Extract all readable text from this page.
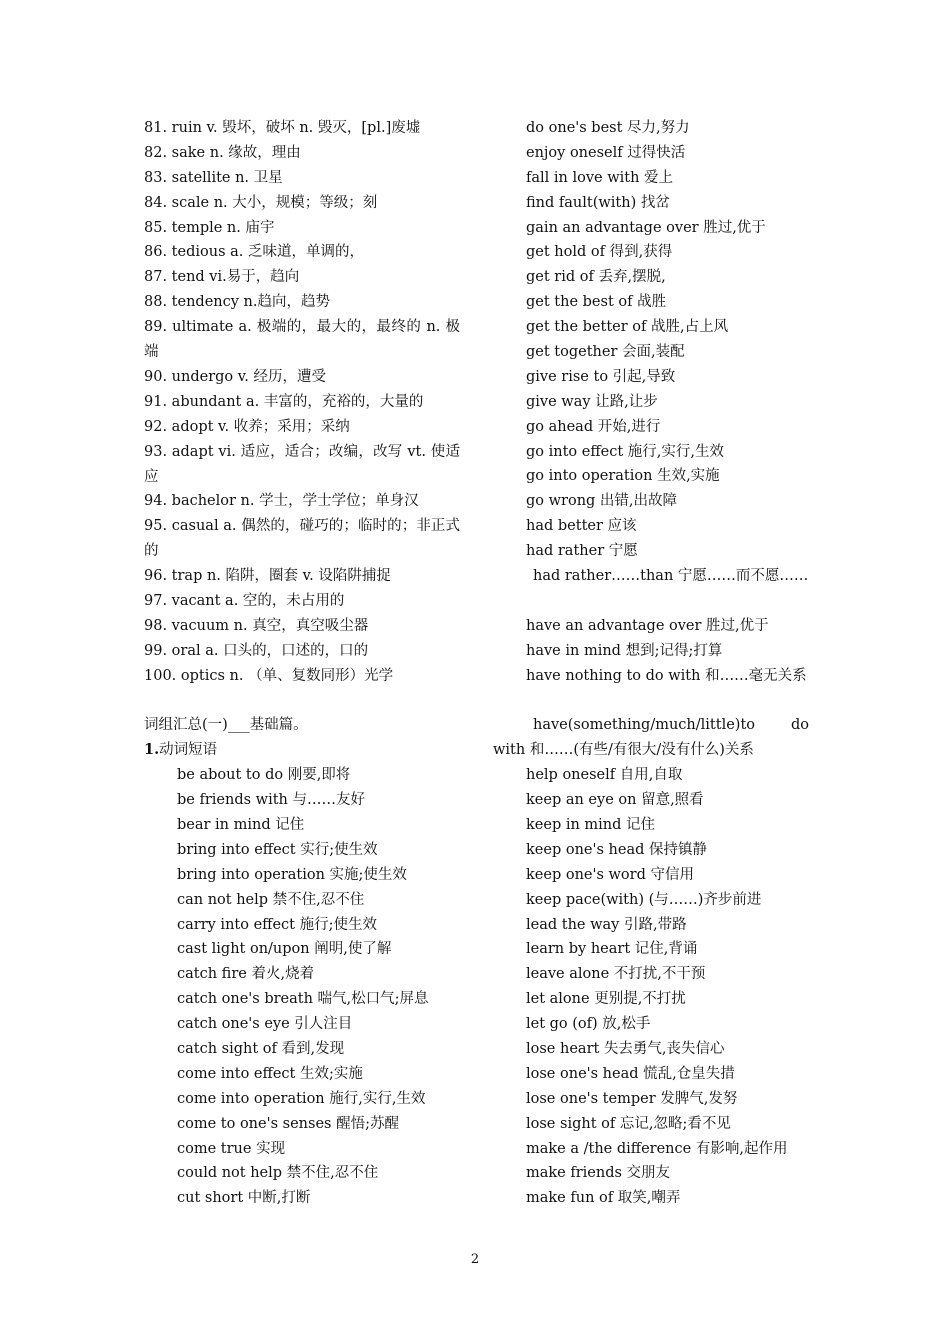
81. ruin v. 毁坏，破坏 n. 毁灭，[pl.]废墟
82. sake n. 缘故，理由
83. satellite n. 卫星
84. scale n. 大小，规模；等级；刻
85. temple n. 庙宇
86. tedious a. 乏味道，单调的，
87. tend vi.易于，趋向
88. tendency n.趋向，趋势
89. ultimate a. 极端的，最大的，最终的 n. 极端
90. undergo v. 经历，遭受
91. abundant a. 丰富的，充裕的，大量的
92. adopt v. 收养；采用；采纳
93. adapt vi. 适应，适合；改编，改写 vt. 使适应
94. bachelor n. 学士，学士学位；单身汉
95. casual a. 偶然的，碰巧的；临时的；非正式的
96. trap n. 陷阱，圈套 v. 设陷阱捕捉
97. vacant a. 空的，未占用的
98. vacuum n. 真空，真空吸尘器
99. oral a. 口头的，口述的，口的
100. optics n. （单、复数同形）光学
词组汇总(一)___基础篇。
1.动词短语
be about to do 刚要,即将
be friends with 与……友好
bear in mind 记住
bring into effect 实行;使生效
bring into operation 实施;使生效
can not help 禁不住,忍不住
carry into effect 施行;使生效
cast light on/upon 阐明,使了解
catch fire 着火,烧着
catch one's breath 喘气,松口气;屏息
catch one's eye 引人注目
catch sight of 看到,发现
come into effect 生效;实施
come into operation 施行,实行,生效
come to one's senses 醒悟;苏醒
come true 实现
could not help 禁不住,忍不住
cut short 中断,打断
do one's best 尽力,努力
enjoy oneself 过得快活
fall in love with 爱上
find fault(with) 找岔
gain an advantage over 胜过,优于
get hold of 得到,获得
get rid of 丢弃,摆脱,
get the best of 战胜
get the better of 战胜,占上风
get together 会面,装配
give rise to 引起,导致
give way 让路,让步
go ahead 开始,进行
go into effect 施行,实行,生效
go into operation 生效,实施
go wrong 出错,出故障
had better 应该
had rather 宁愿
had rather……than 宁愿……而不愿……
have an advantage over 胜过,优于
have in mind 想到;记得;打算
have nothing to do with 和……毫无关系
have(something/much/little)to do with 和……(有些/有很大/没有什么)关系
help oneself 自用,自取
keep an eye on 留意,照看
keep in mind 记住
keep one's head 保持镇静
keep one's word 守信用
keep pace(with) (与……)齐步前进
lead the way 引路,带路
learn by heart 记住,背诵
leave alone 不打扰,不干预
let alone 更别提,不打扰
let go (of) 放,松手
lose heart 失去勇气,丧失信心
lose one's head 慌乱,仓皇失措
lose one's temper 发脾气,发努
lose sight of 忘记,忽略;看不见
make a /the difference 有影响,起作用
make friends 交朋友
make fun of 取笑,嘲弄
2
